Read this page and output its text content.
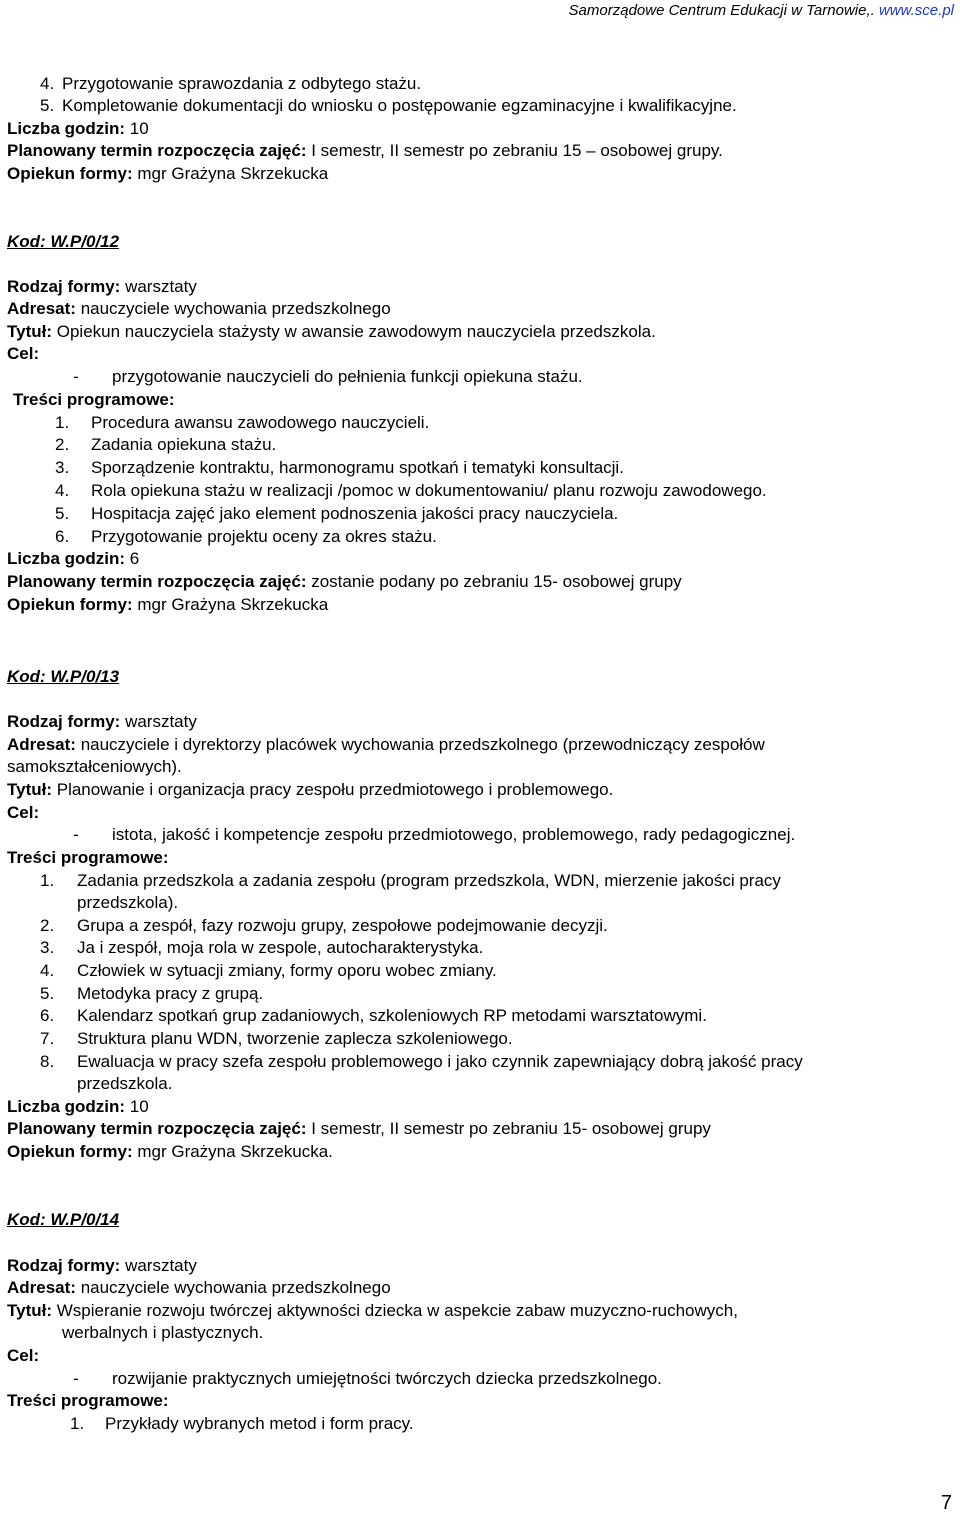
Samorządowe Centrum Edukacji w Tarnowie,. www.sce.pl
4. Przygotowanie sprawozdania z odbytego stażu.
5. Kompletowanie dokumentacji do wniosku o postępowanie egzaminacyjne i kwalifikacyjne.
Liczba godzin: 10
Planowany termin rozpoczęcia zajęć: I semestr, II semestr po zebraniu 15 – osobowej grupy.
Opiekun formy: mgr Grażyna Skrzekucka
Kod: W.P/0/12
Rodzaj formy: warsztaty
Adresat: nauczyciele wychowania przedszkolnego
Tytuł: Opiekun nauczyciela stażysty w awansie zawodowym nauczyciela przedszkola.
Cel:
- przygotowanie nauczycieli do pełnienia funkcji opiekuna stażu.
Treści programowe:
1. Procedura awansu zawodowego nauczycieli.
2. Zadania opiekuna stażu.
3. Sporządzenie kontraktu, harmonogramu spotkań i tematyki konsultacji.
4. Rola opiekuna stażu w realizacji /pomoc w dokumentowaniu/ planu rozwoju zawodowego.
5. Hospitacja zajęć jako element podnoszenia jakości pracy nauczyciela.
6. Przygotowanie projektu oceny za okres stażu.
Liczba godzin: 6
Planowany termin rozpoczęcia zajęć: zostanie podany po zebraniu 15- osobowej grupy
Opiekun formy: mgr Grażyna Skrzekucka
Kod: W.P/0/13
Rodzaj formy: warsztaty
Adresat: nauczyciele i dyrektorzy placówek wychowania przedszkolnego (przewodniczący zespołów
samokształceniowych).
Tytuł: Planowanie i organizacja pracy zespołu przedmiotowego i problemowego.
Cel:
- istota, jakość i kompetencje zespołu przedmiotowego, problemowego, rady pedagogicznej.
Treści programowe:
1. Zadania przedszkola a zadania zespołu (program przedszkola, WDN, mierzenie jakości pracy
przedszkola).
2. Grupa a zespół, fazy rozwoju grupy, zespołowe podejmowanie decyzji.
3. Ja i zespół, moja rola w zespole, autocharakterystyka.
4. Człowiek w sytuacji zmiany, formy oporu wobec zmiany.
5. Metodyka pracy z grupą.
6. Kalendarz spotkań grup zadaniowych, szkoleniowych RP metodami warsztatowymi.
7. Struktura planu WDN, tworzenie zaplecza szkoleniowego.
8. Ewaluacja w pracy szefa zespołu problemowego i jako czynnik zapewniający dobrą jakość pracy
przedszkola.
Liczba godzin: 10
Planowany termin rozpoczęcia zajęć: I semestr, II semestr po zebraniu 15- osobowej grupy
Opiekun formy: mgr Grażyna Skrzekucka.
Kod: W.P/0/14
Rodzaj formy: warsztaty
Adresat: nauczyciele wychowania przedszkolnego
Tytuł: Wspieranie rozwoju twórczej aktywności dziecka w aspekcie zabaw muzyczno-ruchowych,
werbalnych i plastycznych.
Cel:
- rozwijanie praktycznych umiejętności twórczych dziecka przedszkolnego.
Treści programowe:
1. Przykłady wybranych metod i form pracy.
7
